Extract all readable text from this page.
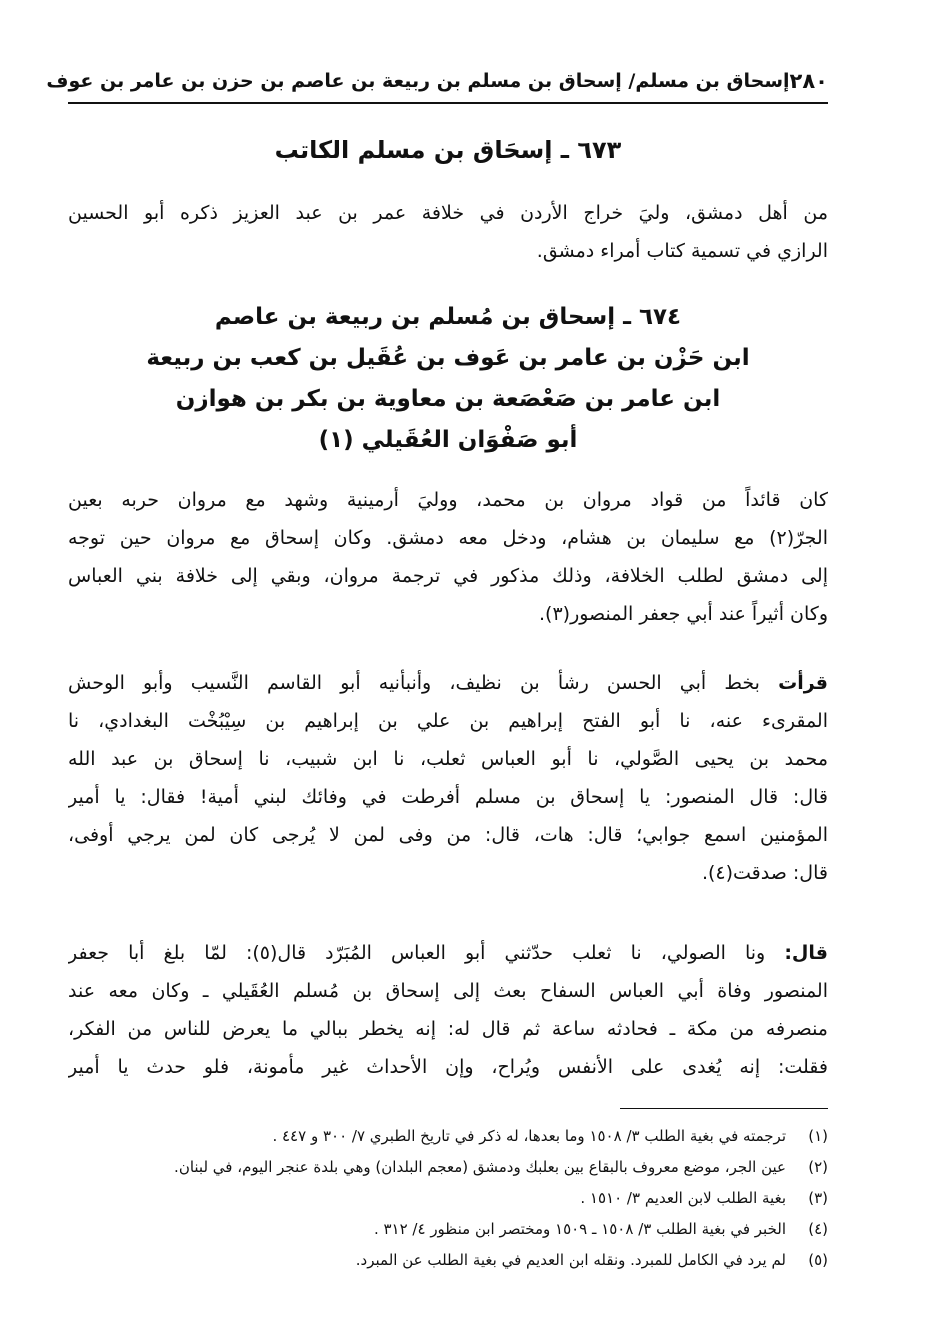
٢٨٠
إسحاق بن مسلم/ إسحاق بن مسلم بن ربيعة بن عاصم بن حزن بن عامر بن عوف
٦٧٣ ـ إسحَاق بن مسلم الكاتب
من أهل دمشق، وليَ خراج الأردن في خلافة عمر بن عبد العزيز ذكره أبو الحسين
الرازي في تسمية كتاب أمراء دمشق.
٦٧٤ ـ إسحاق بن مُسلم بن ربيعة بن عاصم
ابن حَزْن بن عامر بن عَوف بن عُقَيل بن كعب بن ربيعة
ابن عامر بن صَعْصَعة بن معاوية بن بكر بن هوازن
أبو صَفْوَان العُقَيلي (١)
كان قائداً من قواد مروان بن محمد، ووليَ أرمينية وشهد مع مروان حربه بعين
الجرّ(٢) مع سليمان بن هشام، ودخل معه دمشق. وكان إسحاق مع مروان حين توجه
إلى دمشق لطلب الخلافة، وذلك مذكور في ترجمة مروان، وبقي إلى خلافة بني العباس
وكان أثيراً عند أبي جعفر المنصور(٣).
قرأت بخط أبي الحسن رشأ بن نظيف، وأنبأنيه أبو القاسم النَّسيب وأبو الوحش
المقرىء عنه، نا أبو الفتح إبراهيم بن علي بن إبراهيم بن سِيْبُخْت البغدادي، نا
محمد بن يحيى الصَّولي، نا أبو العباس ثعلب، نا ابن شبيب، نا إسحاق بن عبد الله
قال: قال المنصور: يا إسحاق بن مسلم أفرطت في وفائك لبني أمية! فقال: يا أمير
المؤمنين اسمع جوابي؛ قال: هات، قال: من وفى لمن لا يُرجى كان لمن يرجي أوفى،
قال: صدقت(٤).
قال: ونا الصولي، نا ثعلب حدّثني أبو العباس المُبَرّد قال(٥): لمّا بلغ أبا جعفر
المنصور وفاة أبي العباس السفاح بعث إلى إسحاق بن مُسلم العُقَيلي ـ وكان معه عند
منصرفه من مكة ـ فحادثه ساعة ثم قال له: إنه يخطر ببالي ما يعرض للناس من الفكر،
فقلت: إنه يُغدى على الأنفس ويُراح، وإن الأحداث غير مأمونة، فلو حدث يا أمير
(١)
ترجمته في بغية الطلب ٣/ ١٥٠٨ وما بعدها، له ذكر في تاريخ الطبري ٧/ ٣٠٠ و ٤٤٧ .
(٢)
عين الجر، موضع معروف بالبقاع بين بعلبك ودمشق (معجم البلدان) وهي بلدة عنجر اليوم، في لبنان.
(٣)
بغية الطلب لابن العديم ٣/ ١٥١٠ .
(٤)
الخبر في بغية الطلب ٣/ ١٥٠٨ ـ ١٥٠٩ ومختصر ابن منظور ٤/ ٣١٢ .
(٥)
لم يرد في الكامل للمبرد. ونقله ابن العديم في بغية الطلب عن المبرد.
